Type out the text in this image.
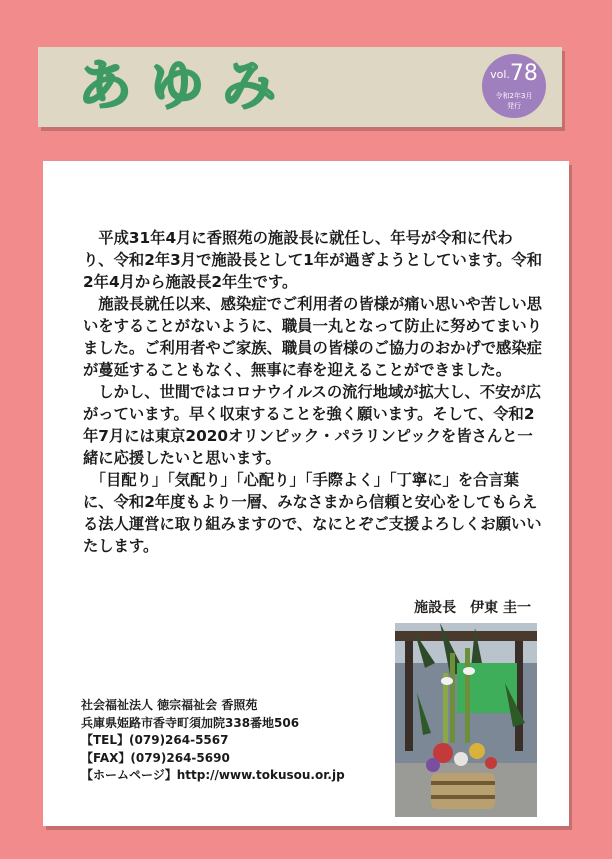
あゆみ	vol.78
令和2年3月
発行

　平成31年4月に香照苑の施設長に就任し、年号が令和に代わり、令和2年3月で施設長として1年が過ぎようとしています。令和2年4月から施設長2年生です。

　施設長就任以来、感染症でご利用者の皆様が痛い思いや苦しい思いをすることがないように、職員一丸となって防止に努めてまいりました。ご利用者やご家族、職員の皆様のご協力のおかげで感染症が蔓延することもなく、無事に春を迎えることができました。

　しかし、世間ではコロナウイルスの流行地域が拡大し、不安が広がっています。早く収束することを強く願います。そして、令和2年7月には東京2020オリンピック・パラリンピックを皆さんと一緒に応援したいと思います。

　「目配り」「気配り」「心配り」「手際よく」「丁寧に」を合言葉に、令和2年度もより一層、みなさまから信頼と安心をしてもらえる法人運営に取り組みますので、なにとぞご支援よろしくお願いいたします。

施設長　伊東 圭一
社会福祉法人 徳宗福祉会 香照苑
兵庫県姫路市香寺町須加院338番地506
【TEL】(079)264-5567
【FAX】(079)264-5690
【ホームページ】http://www.tokusou.or.jp
